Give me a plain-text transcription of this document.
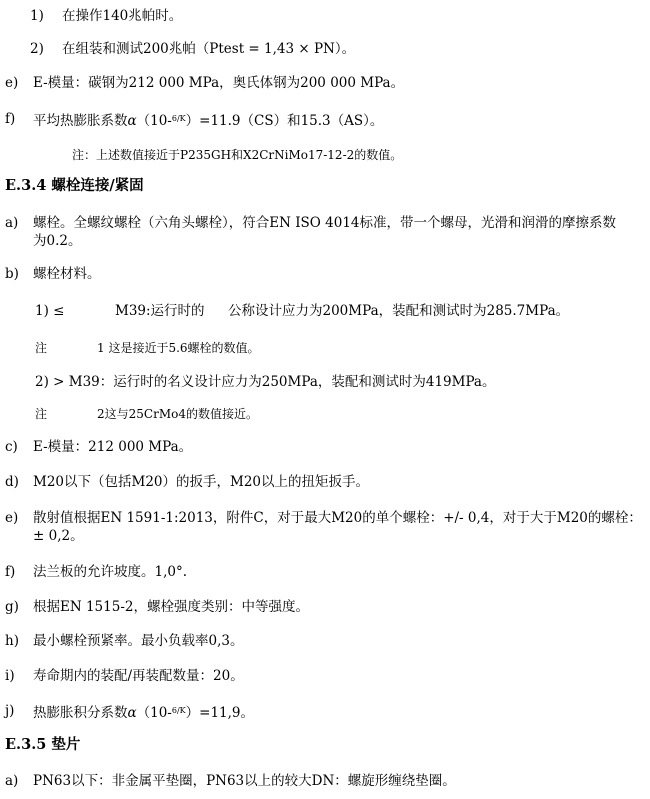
1) 在操作140兆帕时。
2) 在组装和测试200兆帕（Ptest = 1,43 × PN）。
e) E-模量：碳钢为212 000 MPa，奥氏体钢为200 000 MPa。
f) 平均热膨胀系数α（10-$^{6/K}$）=11.9（CS）和15.3（AS）。
注：上述数值接近于P235GH和X2CrNiMo17-12-2的数值。
E.3.4 螺栓连接/紧固
a) 螺栓。全螺纹螺栓（六角头螺栓），符合EN ISO 4014标准，带一个螺母，光滑和润滑的摩擦系数
为0.2。
b) 螺栓材料。
1) ≤	M39:运行时的 公称设计应力为200MPa，装配和测试时为285.7MPa。
注	1 这是接近于5.6螺栓的数值。
2) > M39：运行时的名义设计应力为250MPa，装配和测试时为419MPa。
注	2这与25CrMo4的数值接近。
c) E-模量：212 000 MPa。
d) M20以下（包括M20）的扳手，M20以上的扭矩扳手。
e) 散射值根据EN 1591-1:2013，附件C，对于最大M20的单个螺栓：+/- 0,4，对于大于M20的螺栓：
± 0,2。
f) 法兰板的允许坡度。1,0°.
g) 根据EN 1515-2，螺栓强度类别：中等强度。
h) 最小螺栓预紧率。最小负载率0,3。
i) 寿命期内的装配/再装配数量：20。
j) 热膨胀积分系数α（10-$^{6/K}$）=11,9。
E.3.5 垫片
a) PN63以下：非金属平垫圈，PN63以上的较大DN：螺旋形缠绕垫圈。
